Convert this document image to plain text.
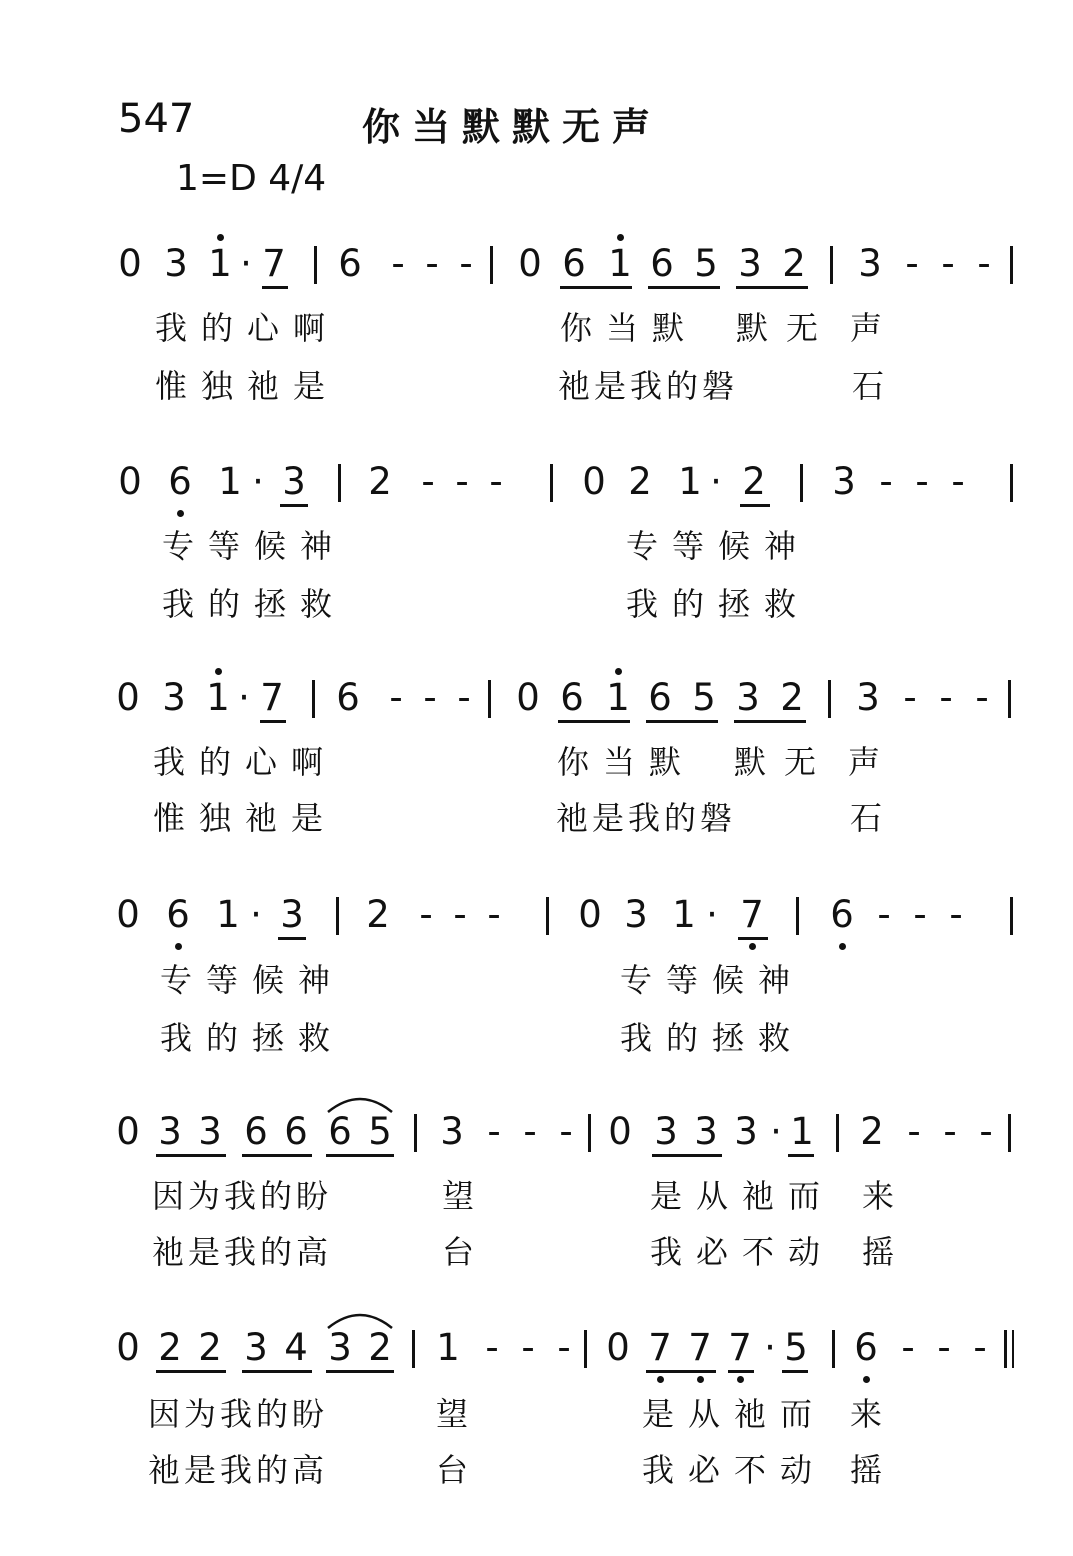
547	你当默默无声
1=D 4/4
0 3 1 · 7 6 - - - 0 6 1 6 5 3 2 3 - - -
我的心啊	你当默 默无 声
惟独祂是	祂是我的磐	石
0 6 1 · 3 2 - - - 0 2 1 · 2 3 - - -
专等候神	专等候神
我的拯救	我的拯救
0 3 1 · 7 6 - - - 0 6 1 6 5 3 2 3 - - -
我的心啊	你当默 默无 声
惟独祂是	祂是我的磐	石
0 6 1 · 3 2 - - - 0 3 1 · 7 6 - - -
专等候神	专等候神
我的拯救	我的拯救
0 3 3 6 6 6 5 3 - - - 0 3 3 3 · 1 2 - - -
因为我的盼	望	是从祂而 来
祂是我的高	台	我必不动 摇
0 2 2 3 4 3 2 1 - - - 0 7 7 7 · 5 6 - - -
因为我的盼	望	是从祂而 来
祂是我的高	台	我必不动 摇
